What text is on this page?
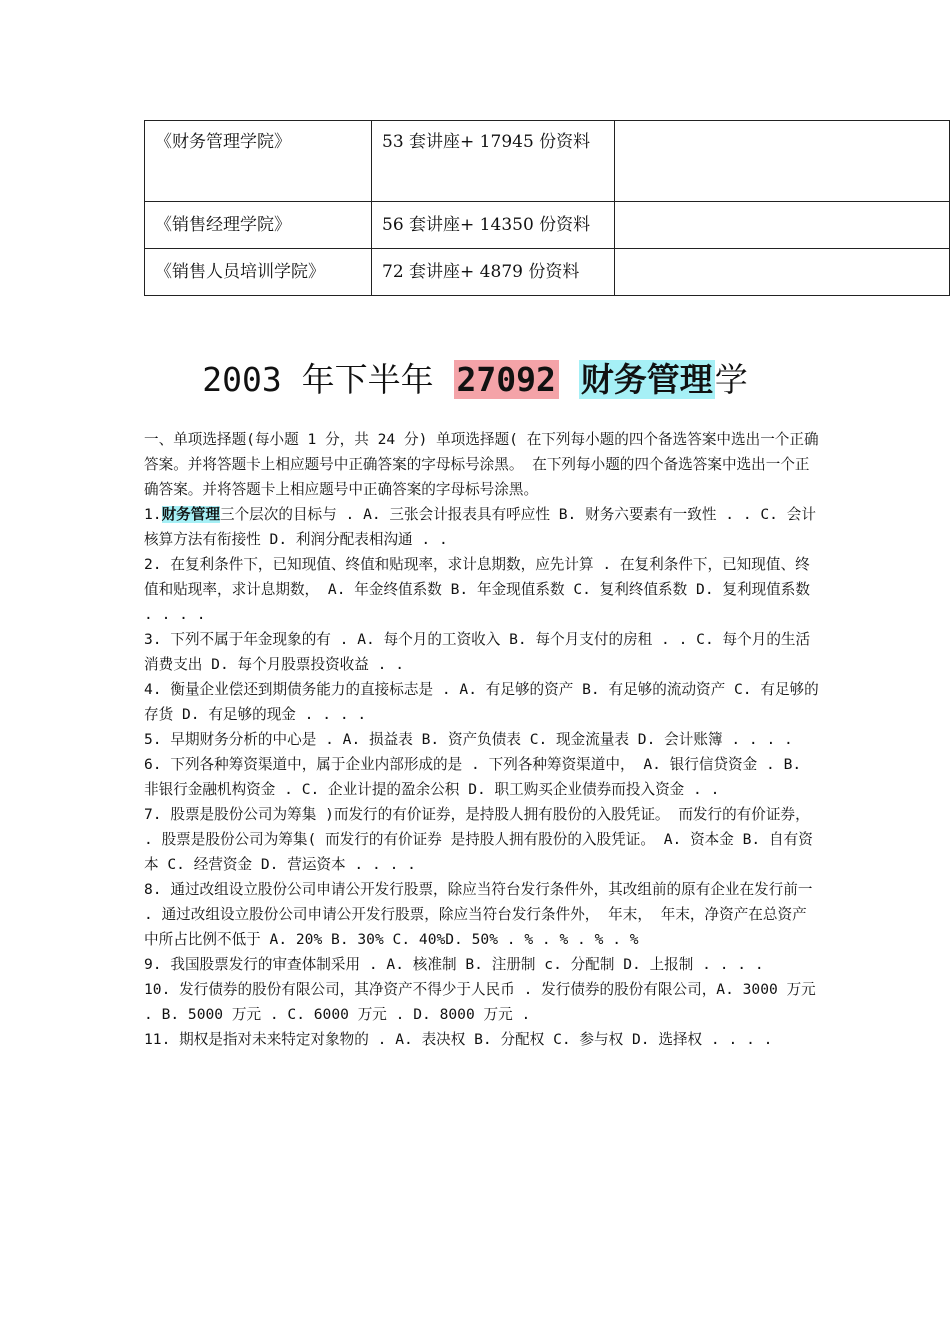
《财务管理学院》	53 套讲座+ 17945 份资料	
《销售经理学院》	56 套讲座+ 14350 份资料	
《销售人员培训学院》	72 套讲座+ 4879 份资料	
2003 年下半年 27092 财务管理学

一、单项选择题(每小题 1 分，共 24 分) 单项选择题( 在下列每小题的四个备选答案中选出一个正确答案。并将答题卡上相应题号中正确答案的字母标号涂黑。 在下列每小题的四个备选答案中选出一个正确答案。并将答题卡上相应题号中正确答案的字母标号涂黑。

1.财务管理三个层次的目标与 . A. 三张会计报表具有呼应性 B. 财务六要素有一致性 . . C. 会计核算方法有衔接性 D. 利润分配表相沟通 . .

2. 在复利条件下，已知现值、终值和贴现率，求计息期数，应先计算 . 在复利条件下，已知现值、终值和贴现率，求计息期数， A. 年金终值系数 B. 年金现值系数 C. 复利终值系数 D. 复利现值系数 . . . .

3. 下列不属于年金现象的有 . A. 每个月的工资收入 B. 每个月支付的房租 . . C. 每个月的生活消费支出 D. 每个月股票投资收益 . .

4. 衡量企业偿还到期债务能力的直接标志是 . A. 有足够的资产 B. 有足够的流动资产 C. 有足够的存货 D. 有足够的现金 . . . .

5. 早期财务分析的中心是 . A. 损益表 B. 资产负债表 C. 现金流量表 D. 会计账簿 . . . .

6. 下列各种筹资渠道中，属于企业内部形成的是 . 下列各种筹资渠道中， A. 银行信贷资金 . B. 非银行金融机构资金 . C. 企业计提的盈余公积 D. 职工购买企业债券而投入资金 . .

7. 股票是股份公司为筹集 )而发行的有价证券，是持股人拥有股份的入股凭证。 而发行的有价证券， . 股票是股份公司为筹集( 而发行的有价证券 是持股人拥有股份的入股凭证。 A. 资本金 B. 自有资本 C. 经营资金 D. 营运资本 . . . .

8. 通过改组设立股份公司申请公开发行股票，除应当符台发行条件外，其改组前的原有企业在发行前一 . 通过改组设立股份公司申请公开发行股票，除应当符台发行条件外， 年末， 年末，净资产在总资产中所占比例不低于 A. 20% B. 30% C. 40%D. 50% . % . % . % . %

9. 我国股票发行的审查体制采用 . A. 核准制 B. 注册制 c. 分配制 D. 上报制 . . . .

10. 发行债券的股份有限公司，其净资产不得少于人民币 . 发行债券的股份有限公司，A. 3000 万元 . B. 5000 万元 . C. 6000 万元 . D. 8000 万元 .

11. 期权是指对未来特定对象物的 . A. 表决权 B. 分配权 C. 参与权 D. 选择权 . . . .
